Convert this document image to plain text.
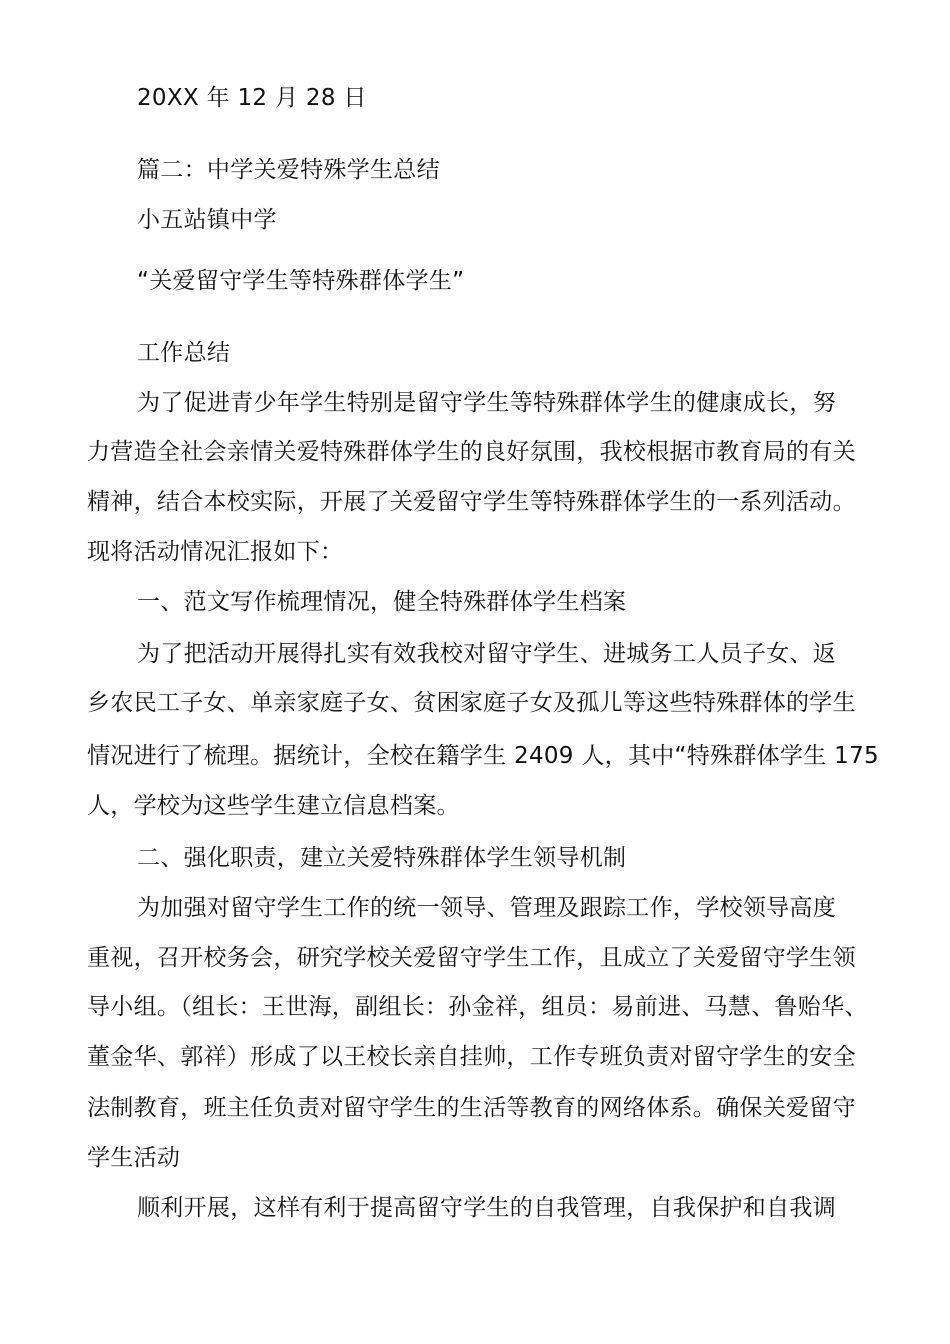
20XX 年 12 月 28 日
篇二：中学关爱特殊学生总结
小五站镇中学
“关爱留守学生等特殊群体学生”
工作总结
为了促进青少年学生特别是留守学生等特殊群体学生的健康成长，努
力营造全社会亲情关爱特殊群体学生的良好氛围，我校根据市教育局的有关
精神，结合本校实际，开展了关爱留守学生等特殊群体学生的一系列活动。
现将活动情况汇报如下：
一、范文写作梳理情况，健全特殊群体学生档案
为了把活动开展得扎实有效我校对留守学生、进城务工人员子女、返
乡农民工子女、单亲家庭子女、贫困家庭子女及孤儿等这些特殊群体的学生
情况进行了梳理。据统计，全校在籍学生 2409 人，其中“特殊群体学生 175
人，学校为这些学生建立信息档案。
二、强化职责，建立关爱特殊群体学生领导机制
为加强对留守学生工作的统一领导、管理及跟踪工作，学校领导高度
重视，召开校务会，研究学校关爱留守学生工作，且成立了关爱留守学生领
导小组。（组长：王世海，副组长：孙金祥，组员：易前进、马慧、鲁贻华、
董金华、郭祥）形成了以王校长亲自挂帅，工作专班负责对留守学生的安全
法制教育，班主任负责对留守学生的生活等教育的网络体系。确保关爱留守
学生活动
顺利开展，这样有利于提高留守学生的自我管理，自我保护和自我调
